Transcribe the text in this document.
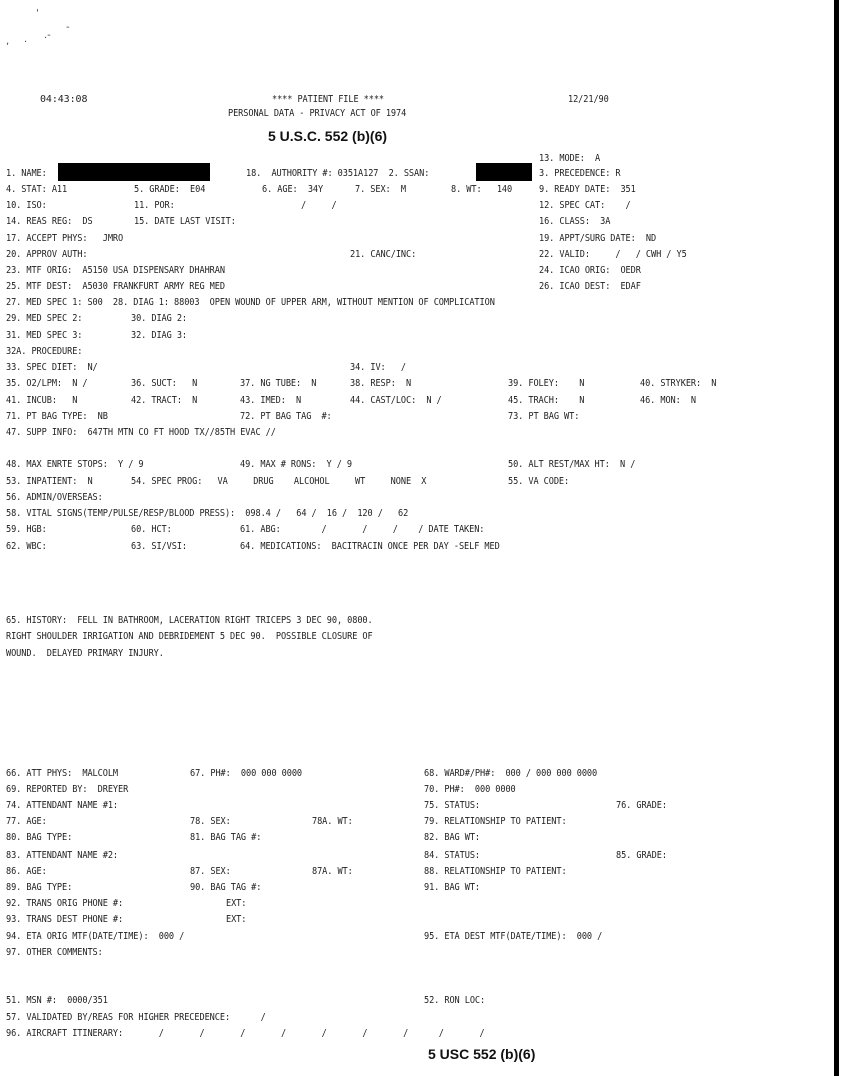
'
, . .-
-
04:43:08	**** PATIENT FILE ****
PERSONAL DATA - PRIVACY ACT OF 1974
12/21/90
5 U.S.C. 552 (b)(6)
1. NAME:	18.  AUTHORITY #: 0351A127  2. SSAN:
13. MODE:  A
3. PRECEDENCE: R
4. STAT: A11	5. GRADE:  E04	6. AGE:  34Y	7. SEX:  M	8. WT:   140	9. READY DATE:  351
10. ISO:	11. POR:	/     /	12. SPEC CAT:    /
14. REAS REG:  DS	15. DATE LAST VISIT:	16. CLASS:  3A
17. ACCEPT PHYS:   JMRO	19. APPT/SURG DATE:  ND
20. APPROV AUTH:	21. CANC/INC:	22. VALID:     /   / CWH / Y5
23. MTF ORIG:  A5150 USA DISPENSARY DHAHRAN	24. ICAO ORIG:  OEDR
25. MTF DEST:  A5030 FRANKFURT ARMY REG MED	26. ICAO DEST:  EDAF
27. MED SPEC 1: S00  28. DIAG 1: 88003  OPEN WOUND OF UPPER ARM, WITHOUT MENTION OF COMPLICATION
29. MED SPEC 2:	30. DIAG 2:
31. MED SPEC 3:	32. DIAG 3:
32A. PROCEDURE:
33. SPEC DIET:  N/	34. IV:   /
35. O2/LPM:  N /	36. SUCT:   N	37. NG TUBE:  N	38. RESP:  N	39. FOLEY:    N	40. STRYKER:  N
41. INCUB:   N	42. TRACT:  N	43. IMED:  N	44. CAST/LOC:  N /	45. TRACH:    N	46. MON:  N
71. PT BAG TYPE:  NB	72. PT BAG TAG  #:	73. PT BAG WT:
47. SUPP INFO:  647TH MTN CO FT HOOD TX//85TH EVAC //
48. MAX ENRTE STOPS:  Y / 9	49. MAX # RONS:  Y / 9	50. ALT REST/MAX HT:  N /
53. INPATIENT:  N	54. SPEC PROG:   VA     DRUG    ALCOHOL     WT     NONE  X	55. VA CODE:
56. ADMIN/OVERSEAS:
58. VITAL SIGNS(TEMP/PULSE/RESP/BLOOD PRESS):  098.4 /   64 /  16 /  120 /   62
59. HGB:	60. HCT:	61. ABG:        /       /     /    / DATE TAKEN:
62. WBC:	63. SI/VSI:	64. MEDICATIONS:  BACITRACIN ONCE PER DAY -SELF MED
65. HISTORY:  FELL IN BATHROOM, LACERATION RIGHT TRICEPS 3 DEC 90, 0800.
RIGHT SHOULDER IRRIGATION AND DEBRIDEMENT 5 DEC 90.  POSSIBLE CLOSURE OF
WOUND.  DELAYED PRIMARY INJURY.
66. ATT PHYS:  MALCOLM	67. PH#:  000 000 0000	68. WARD#/PH#:  000 / 000 000 0000
69. REPORTED BY:  DREYER	70. PH#:  000 0000
74. ATTENDANT NAME #1:	75. STATUS:	76. GRADE:
77. AGE:	78. SEX:	78A. WT:	79. RELATIONSHIP TO PATIENT:
80. BAG TYPE:	81. BAG TAG #:	82. BAG WT:
83. ATTENDANT NAME #2:	84. STATUS:	85. GRADE:
86. AGE:	87. SEX:	87A. WT:	88. RELATIONSHIP TO PATIENT:
89. BAG TYPE:	90. BAG TAG #:	91. BAG WT:
92. TRANS ORIG PHONE #:	EXT:
93. TRANS DEST PHONE #:	EXT:
94. ETA ORIG MTF(DATE/TIME):  000 /	95. ETA DEST MTF(DATE/TIME):  000 /
97. OTHER COMMENTS:
51. MSN #:  0000/351	52. RON LOC:
57. VALIDATED BY/REAS FOR HIGHER PRECEDENCE:      /
96. AIRCRAFT ITINERARY:       /       /       /       /       /       /       /      /       /
5 USC 552 (b)(6)
